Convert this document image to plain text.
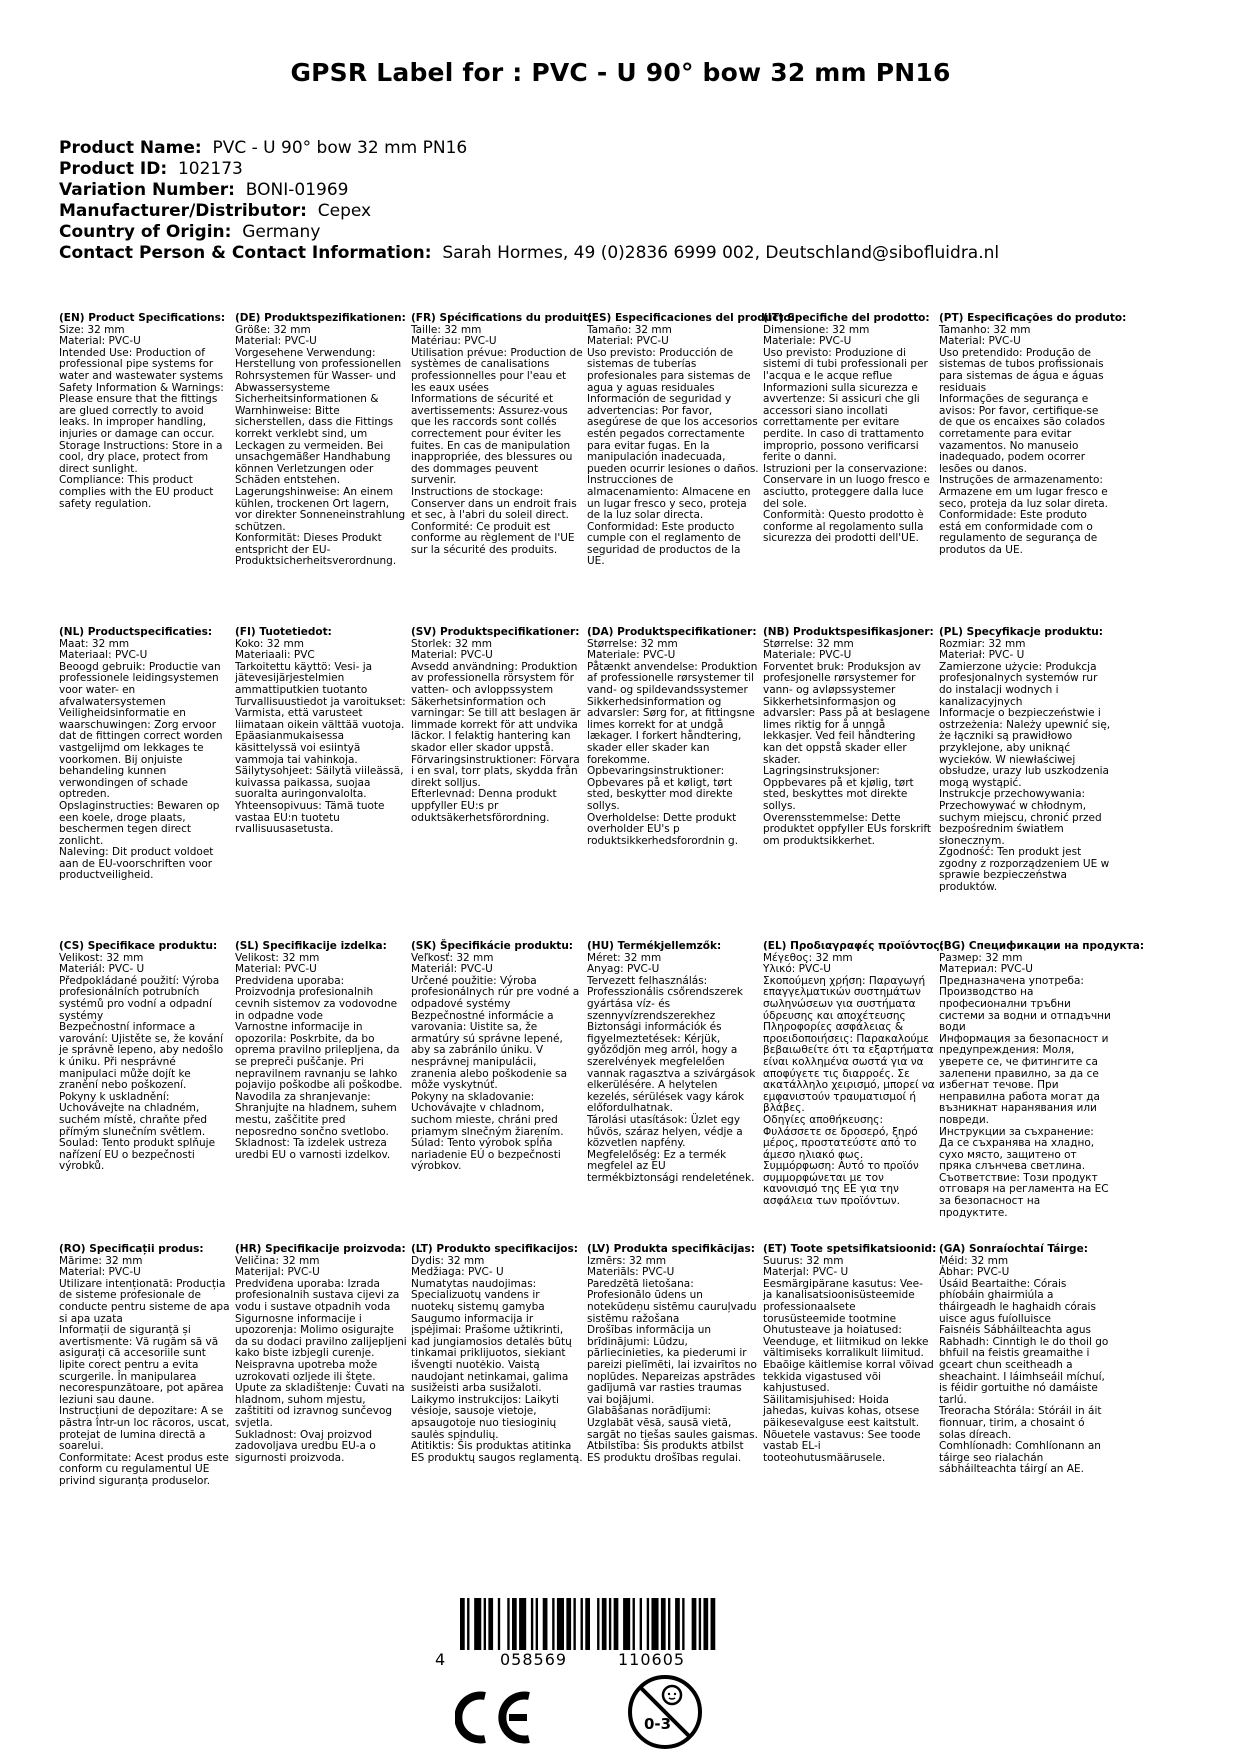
GPSR Label for : PVC - U 90° bow 32 mm PN16
Product Name: PVC - U 90° bow 32 mm PN16
Product ID: 102173
Variation Number: BONI-01969
Manufacturer/Distributor: Cepex
Country of Origin: Germany
Contact Person & Contact Information: Sarah Hormes, 49 (0)2836 6999 002, Deutschland@sibofluidra.nl
(EN) Product Specifications:
Size: 32 mm
Material: PVC-U
Intended Use: Production of professional pipe systems for water and wastewater systems
Safety Information & Warnings: Please ensure that the fittings are glued correctly to avoid leaks. In improper handling, injuries or damage can occur.
Storage Instructions: Store in a cool, dry place, protect from direct sunlight.
Compliance: This product complies with the EU product safety regulation.
(DE) Produktspezifikationen:
Größe: 32 mm
Material: PVC-U
Vorgesehene Verwendung: Herstellung von professionellen Rohrsystemen für Wasser- und Abwassersysteme
Sicherheitsinformationen & Warnhinweise: Bitte sicherstellen, dass die Fittings korrekt verklebt sind, um Leckagen zu vermeiden. Bei unsachgemäßer Handhabung können Verletzungen oder Schäden entstehen.
Lagerungshinweise: An einem kühlen, trockenen Ort lagern, vor direkter Sonneneinstrahlung schützen.
Konformität: Dieses Produkt entspricht der EU-Produktsicherheitsverordnung.
(FR) Spécifications du produit:
Taille: 32 mm
Matériau: PVC-U
Utilisation prévue: Production de systèmes de canalisations professionnelles pour l'eau et les eaux usées
Informations de sécurité et avertissements: Assurez-vous que les raccords sont collés correctement pour éviter les fuites. En cas de manipulation inappropriée, des blessures ou des dommages peuvent survenir.
Instructions de stockage: Conserver dans un endroit frais et sec, à l'abri du soleil direct.
Conformité: Ce produit est conforme au règlement de l'UE sur la sécurité des produits.
(ES) Especificaciones del producto:
Tamaño: 32 mm
Material: PVC-U
Uso previsto: Producción de sistemas de tuberías profesionales para sistemas de agua y aguas residuales
Información de seguridad y advertencias: Por favor, asegúrese de que los accesorios estén pegados correctamente para evitar fugas. En la manipulación inadecuada, pueden ocurrir lesiones o daños.
Instrucciones de almacenamiento: Almacene en un lugar fresco y seco, proteja de la luz solar directa.
Conformidad: Este producto cumple con el reglamento de seguridad de productos de la UE.
(IT) Specifiche del prodotto:
Dimensione: 32 mm
Materiale: PVC-U
Uso previsto: Produzione di sistemi di tubi professionali per l'acqua e le acque reflue
Informazioni sulla sicurezza e avvertenze: Si assicuri che gli accessori siano incollati correttamente per evitare perdite. In caso di trattamento improprio, possono verificarsi ferite o danni.
Istruzioni per la conservazione: Conservare in un luogo fresco e asciutto, proteggere dalla luce del sole.
Conformità: Questo prodotto è conforme al regolamento sulla sicurezza dei prodotti dell'UE.
(PT) Especificações do produto:
Tamanho: 32 mm
Material: PVC-U
Uso pretendido: Produção de sistemas de tubos profissionais para sistemas de água e águas residuais
Informações de segurança e avisos: Por favor, certifique-se de que os encaixes são colados corretamente para evitar vazamentos. No manuseio inadequado, podem ocorrer lesões ou danos.
Instruções de armazenamento: Armazene em um lugar fresco e seco, proteja da luz solar direta.
Conformidade: Este produto está em conformidade com o regulamento de segurança de produtos da UE.
(NL) Productspecificaties:
Maat: 32 mm
Materiaal: PVC-U
Beoogd gebruik: Productie van professionele leidingsystemen voor water- en afvalwatersystemen
Veiligheidsinformatie en waarschuwingen: Zorg ervoor dat de fittingen correct worden vastgelijmd om lekkages te voorkomen. Bij onjuiste behandeling kunnen verwondingen of schade optreden.
Opslaginstructies: Bewaren op een koele, droge plaats, beschermen tegen direct zonlicht.
Naleving: Dit product voldoet aan de EU-voorschriften voor productveiligheid.
(FI) Tuotetiedot:
Koko: 32 mm
Materiaali: PVC
Tarkoitettu käyttö: Vesi- ja jätevesijärjestelmien ammattiputkien tuotanto
Turvallisuustiedot ja varoitukset: Varmista, että varusteet liimataan oikein välttää vuotoja. Epäasianmukaisessa käsittelyssä voi esiintyä vammoja tai vahinkoja.
Säilytysohjeet: Säilytä viileässä, kuivassa paikassa, suojaa suoralta auringonvalolta.
Yhteensopivuus: Tämä tuote vastaa EU:n tuotetu rvallisuusasetusta.
(SV) Produktspecifikationer:
Storlek: 32 mm
Material: PVC-U
Avsedd användning: Produktion av professionella rörsystem för vatten- och avloppssystem
Säkerhetsinformation och varningar: Se till att beslagen är limmade korrekt för att undvika läckor. I felaktig hantering kan skador eller skador uppstå.
Förvaringsinstruktioner: Förvara i en sval, torr plats, skydda från direkt solljus.
Efterlevnad: Denna produkt uppfyller EU:s pr oduktsäkerhetsförordning.
(DA) Produktspecifikationer:
Størrelse: 32 mm
Materiale: PVC-U
Påtænkt anvendelse: Produktion af professionelle rørsystemer til vand- og spildevandssystemer
Sikkerhedsinformation og advarsler: Sørg for, at fittingsne limes korrekt for at undgå lækager. I forkert håndtering, skader eller skader kan forekomme.
Opbevaringsinstruktioner: Opbevares på et køligt, tørt sted, beskytter mod direkte sollys.
Overholdelse: Dette produkt overholder EU's p roduktsikkerhedsforordnin g.
(NB) Produktspesifikasjoner:
Størrelse: 32 mm
Materiale: PVC-U
Forventet bruk: Produksjon av profesjonelle rørsystemer for vann- og avløpssystemer
Sikkerhetsinformasjon og advarsler: Pass på at beslagene limes riktig for å unngå lekkasjer. Ved feil håndtering kan det oppstå skader eller skader.
Lagringsinstruksjoner: Oppbevares på et kjølig, tørt sted, beskyttes mot direkte sollys.
Overensstemmelse: Dette produktet oppfyller EUs forskrift om produktsikkerhet.
(PL) Specyfikacje produktu:
Rozmiar: 32 mm
Materiał: PVC- U
Zamierzone użycie: Produkcja profesjonalnych systemów rur do instalacji wodnych i kanalizacyjnych
Informacje o bezpieczeństwie i ostrzeżenia: Należy upewnić się, że łączniki są prawidłowo przyklejone, aby uniknąć wycieków. W niewłaściwej obsłudze, urazy lub uszkodzenia mogą wystąpić.
Instrukcje przechowywania: Przechowywać w chłodnym, suchym miejscu, chronić przed bezpośrednim światłem słonecznym.
Zgodność: Ten produkt jest zgodny z rozporządzeniem UE w sprawie bezpieczeństwa produktów.
(CS) Specifikace produktu:
Velikost: 32 mm
Materiál: PVC- U
Předpokládané použití: Výroba profesionálních potrubních systémů pro vodní a odpadní systémy
Bezpečnostní informace a varování: Ujistěte se, že kování je správně lepeno, aby nedošlo k úniku. Při nesprávné manipulaci může dojít ke zranění nebo poškození.
Pokyny k uskladnění: Uchovávejte na chladném, suchém místě, chraňte před přímým slunečním světlem.
Soulad: Tento produkt splňuje nařízení EU o bezpečnosti výrobků.
(SL) Specifikacije izdelka:
Velikost: 32 mm
Material: PVC-U
Predvidena uporaba: Proizvodnja profesionalnih cevnih sistemov za vodovodne in odpadne vode
Varnostne informacije in opozorila: Poskrbite, da bo oprema pravilno prilepljena, da se prepreči puščanje. Pri nepravilnem ravnanju se lahko pojavijo poškodbe ali poškodbe.
Navodila za shranjevanje: Shranjujte na hladnem, suhem mestu, zaščitite pred neposredno sončno svetlobo.
Skladnost: Ta izdelek ustreza uredbi EU o varnosti izdelkov.
(SK) Špecifikácie produktu:
Veľkosť: 32 mm
Materiál: PVC-U
Určené použitie: Výroba profesionálnych rúr pre vodné a odpadové systémy
Bezpečnostné informácie a varovania: Uistite sa, že armatúry sú správne lepené, aby sa zabránilo úniku. V nesprávnej manipulácii, zranenia alebo poškodenie sa môže vyskytnúť.
Pokyny na skladovanie: Uchovávajte v chladnom, suchom mieste, chráni pred priamym slnečným žiarením.
Súlad: Tento výrobok spĺňa nariadenie EÚ o bezpečnosti výrobkov.
(HU) Termékjellemzők:
Méret: 32 mm
Anyag: PVC-U
Tervezett felhasználás: Professzionális csőrendszerek gyártása víz- és szennyvízrendszerekhez
Biztonsági információk és figyelmeztetések: Kérjük, győződjön meg arról, hogy a szerelvények megfelelően vannak ragasztva a szivárgások elkerülésére. A helytelen kezelés, sérülések vagy károk előfordulhatnak.
Tárolási utasítások: Üzlet egy hűvös, száraz helyen, védje a közvetlen napfény.
Megfelelőség: Ez a termék megfelel az EU termékbiztonsági rendeletének.
(EL) Προδιαγραφές προϊόντος:
Μέγεθος: 32 mm
Υλικό: PVC-U
Σκοπούμενη χρήση: Παραγωγή επαγγελματικών συστημάτων σωληνώσεων για συστήματα ύδρευσης και αποχέτευσης
Πληροφορίες ασφάλειας & προειδοποιήσεις: Παρακαλούμε βεβαιωθείτε ότι τα εξαρτήματα είναι κολλημένα σωστά για να αποφύγετε τις διαρροές. Σε ακατάλληλο χειρισμό, μπορεί να εμφανιστούν τραυματισμοί ή βλάβες.
Οδηγίες αποθήκευσης: Φυλάσσετε σε δροσερό, ξηρό μέρος, προστατεύστε από το άμεσο ηλιακό φως.
Συμμόρφωση: Αυτό το προϊόν συμμορφώνεται με τον κανονισμό της ΕΕ για την ασφάλεια των προϊόντων.
(BG) Спецификации на продукта:
Размер: 32 mm
Материал: PVC-U
Предназначена употреба: Производство на професионални тръбни системи за водни и отпадъчни води
Информация за безопасност и предупреждения: Моля, уверете се, че фитингите са залепени правилно, за да се избегнат течове. При неправилна работа могат да възникнат наранявания или повреди.
Инструкции за съхранение: Да се съхранява на хладно, сухо място, защитено от пряка слънчева светлина.
Съответствие: Този продукт отговаря на регламента на ЕС за безопасност на продуктите.
(RO) Specificații produs:
Mărime: 32 mm
Material: PVC-U
Utilizare intenționată: Producția de sisteme profesionale de conducte pentru sisteme de apa si apa uzata
Informații de siguranță și avertismente: Vă rugăm să vă asigurați că accesoriile sunt lipite corect pentru a evita scurgerile. În manipularea necorespunzătoare, pot apărea leziuni sau daune.
Instrucțiuni de depozitare: A se păstra într-un loc răcoros, uscat, protejat de lumina directă a soarelui.
Conformitate: Acest produs este conform cu regulamentul UE privind siguranța produselor.
(HR) Specifikacije proizvoda:
Veličina: 32 mm
Materijal: PVC-U
Predviđena uporaba: Izrada profesionalnih sustava cijevi za vodu i sustave otpadnih voda
Sigurnosne informacije i upozorenja: Molimo osigurajte da su dodaci pravilno zalijepljeni kako biste izbjegli curenje. Neispravna upotreba može uzrokovati ozljede ili štete.
Upute za skladištenje: Čuvati na hladnom, suhom mjestu, zaštititi od izravnog sunčevog svjetla.
Sukladnost: Ovaj proizvod zadovoljava uredbu EU-a o sigurnosti proizvoda.
(LT) Produkto specifikacijos:
Dydis: 32 mm
Medžiaga: PVC- U
Numatytas naudojimas: Specializuotų vandens ir nuotekų sistemų gamyba
Saugumo informacija ir įspėjimai: Prašome užtikrinti, kad jungiamosios detalės būtų tinkamai priklijuotos, siekiant išvengti nuotėkio. Vaistą naudojant netinkamai, galima susižeisti arba susižaloti.
Laikymo instrukcijos: Laikyti vėsioje, sausoje vietoje, apsaugotoje nuo tiesioginių saulės spindulių.
Atitiktis: Šis produktas atitinka ES produktų saugos reglamentą.
(LV) Produkta specifikācijas:
Izmērs: 32 mm
Materiāls: PVC-U
Paredzētā lietošana: Profesionālo ūdens un notekūdeņu sistēmu cauruļvadu sistēmu ražošana
Drošības informācija un brīdinājumi: Lūdzu, pārliecinieties, ka piederumi ir pareizi pielīmēti, lai izvairītos no noplūdes. Nepareizas apstrādes gadījumā var rasties traumas vai bojājumi.
Glabāšanas norādījumi: Uzglabāt vēsā, sausā vietā, sargāt no tiešas saules gaismas.
Atbilstība: Šis produkts atbilst ES produktu drošības regulai.
(ET) Toote spetsifikatsioonid:
Suurus: 32 mm
Materjal: PVC- U
Eesmärgipärane kasutus: Vee- ja kanalisatsioonisüsteemide professionaalsete torusüsteemide tootmine
Ohutusteave ja hoiatused: Veenduge, et liitmikud on lekke vältimiseks korralikult liimitud. Ebaõige käitlemise korral võivad tekkida vigastused või kahjustused.
Säilitamisjuhised: Hoida jahedas, kuivas kohas, otsese päikesevalguse eest kaitstult.
Nõuetele vastavus: See toode vastab EL-i tooteohutusmäärusele.
(GA) Sonraíochtaí Táirge:
Méid: 32 mm
Ábhar: PVC-U
Úsáid Beartaithe: Córais phíobáin ghairmiúla a tháirgeadh le haghaidh córais uisce agus fuíolluisce
Faisnéis Sábháilteachta agus Rabhadh: Cinntigh le do thoil go bhfuil na feistis greamaithe i gceart chun sceitheadh a sheachaint. I láimhseáil míchuí, is féidir gortuithe nó damáiste tarlú.
Treoracha Stórála: Stóráil in áit fionnuar, tirim, a chosaint ó solas díreach.
Comhlíonadh: Comhlíonann an táirge seo rialachán sábháilteachta táirgí an AE.
4	058569	110605
CE
0-3
